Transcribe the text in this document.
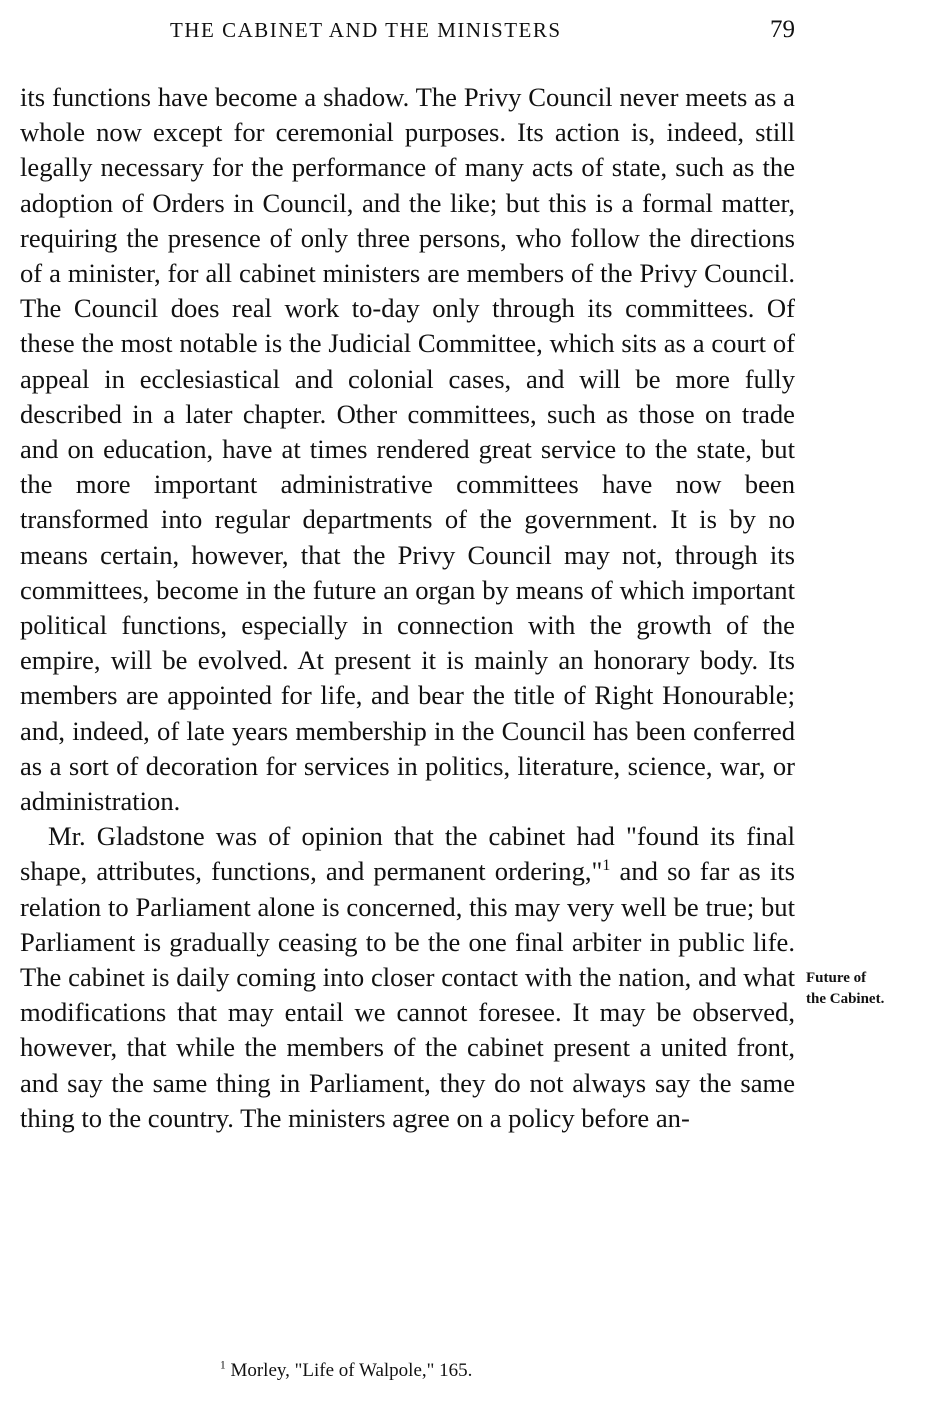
THE CABINET AND THE MINISTERS	79

its functions have become a shadow. The Privy Council never meets as a whole now except for ceremonial purposes. Its action is, indeed, still legally necessary for the performance of many acts of state, such as the adoption of Orders in Council, and the like; but this is a formal matter, requiring the presence of only three persons, who follow the directions of a minister, for all cabinet ministers are members of the Privy Council. The Council does real work to-day only through its committees. Of these the most notable is the Judicial Committee, which sits as a court of appeal in ecclesiastical and colonial cases, and will be more fully described in a later chapter. Other committees, such as those on trade and on education, have at times rendered great service to the state, but the more important administrative committees have now been transformed into regular departments of the government. It is by no means certain, however, that the Privy Council may not, through its committees, become in the future an organ by means of which important political functions, especially in connection with the growth of the empire, will be evolved. At present it is mainly an honorary body. Its members are appointed for life, and bear the title of Right Honourable; and, indeed, of late years membership in the Council has been conferred as a sort of decoration for services in politics, literature, science, war, or administration.

Mr. Gladstone was of opinion that the cabinet had "found its final shape, attributes, functions, and permanent ordering,"$^1$ and so far as its relation to Parliament alone is concerned, this may very well be true; but Parliament is gradually ceasing to be the one final arbiter in public life. The cabinet is daily coming into closer contact with the nation, and what modifications that may entail we cannot foresee. It may be observed, however, that while the members of the cabinet present a united front, and say the same thing in Parliament, they do not always say the same thing to the country. The ministers agree on a policy before an-

Future of
the Cabinet.
$^1$ Morley, "Life of Walpole," 165.
